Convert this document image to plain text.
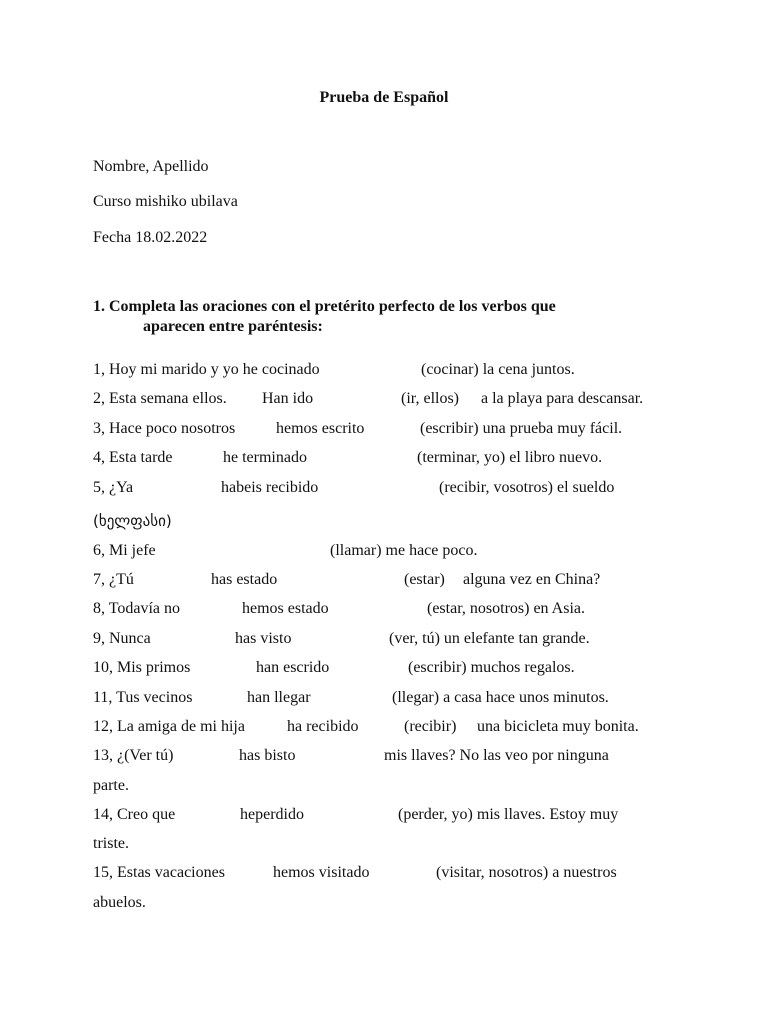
Prueba de Español
Nombre, Apellido
Curso mishiko ubilava
Fecha 18.02.2022
1. Completa las oraciones con el pretérito perfecto de los verbos que
aparecen entre paréntesis:
1, Hoy mi marido y yo he cocinado	(cocinar) la cena juntos.
2, Esta semana ellos. Han ido	(ir, ellos) a la playa para descansar.
3, Hace poco nosotros	hemos escrito	(escribir) una prueba muy fácil.
4, Esta tarde	he terminado	(terminar, yo) el libro nuevo.
5, ¿Ya	habeis recibido	(recibir, vosotros) el sueldo
(ხელფასი)
6, Mi jefe	(llamar) me hace poco.
7, ¿Tú	has estado	(estar) alguna vez en China?
8, Todavía no	hemos estado	(estar, nosotros) en Asia.
9, Nunca	has visto	(ver, tú) un elefante tan grande.
10, Mis primos	han escrido	(escribir) muchos regalos.
11, Tus vecinos	han llegar	(llegar) a casa hace unos minutos.
12, La amiga de mi hija	ha recibido	(recibir) una bicicleta muy bonita.
13, ¿(Ver tú)	has bisto	mis llaves? No las veo por ninguna
parte.
14, Creo que	heperdido	(perder, yo) mis llaves. Estoy muy
triste.
15, Estas vacaciones	hemos visitado	(visitar, nosotros) a nuestros
abuelos.
